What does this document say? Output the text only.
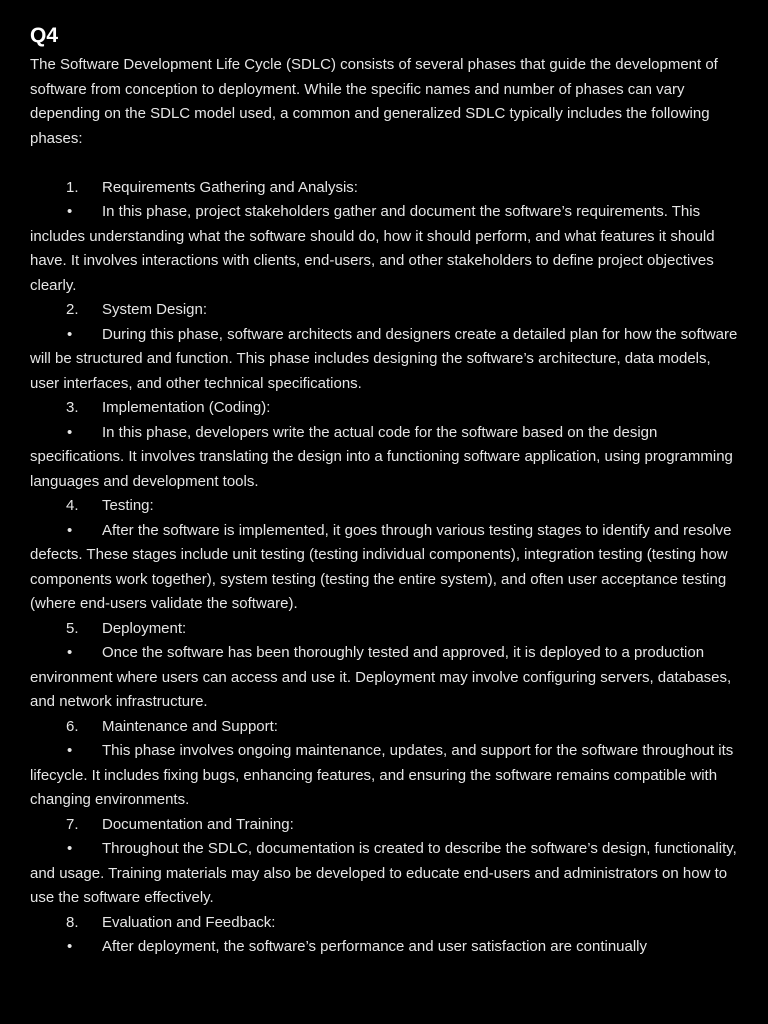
Q4

The Software Development Life Cycle (SDLC) consists of several phases that guide the development of software from conception to deployment. While the specific names and number of phases can vary depending on the SDLC model used, a common and generalized SDLC typically includes the following phases:

1. Requirements Gathering and Analysis:

• In this phase, project stakeholders gather and document the software’s requirements. This includes understanding what the software should do, how it should perform, and what features it should have. It involves interactions with clients, end-users, and other stakeholders to define project objectives clearly.

2. System Design:

• During this phase, software architects and designers create a detailed plan for how the software will be structured and function. This phase includes designing the software’s architecture, data models, user interfaces, and other technical specifications.

3. Implementation (Coding):

• In this phase, developers write the actual code for the software based on the design specifications. It involves translating the design into a functioning software application, using programming languages and development tools.

4. Testing:

• After the software is implemented, it goes through various testing stages to identify and resolve defects. These stages include unit testing (testing individual components), integration testing (testing how components work together), system testing (testing the entire system), and often user acceptance testing (where end-users validate the software).

5. Deployment:

• Once the software has been thoroughly tested and approved, it is deployed to a production environment where users can access and use it. Deployment may involve configuring servers, databases, and network infrastructure.

6. Maintenance and Support:

• This phase involves ongoing maintenance, updates, and support for the software throughout its lifecycle. It includes fixing bugs, enhancing features, and ensuring the software remains compatible with changing environments.

7. Documentation and Training:

• Throughout the SDLC, documentation is created to describe the software’s design, functionality, and usage. Training materials may also be developed to educate end-users and administrators on how to use the software effectively.

8. Evaluation and Feedback:

• After deployment, the software’s performance and user satisfaction are continually
